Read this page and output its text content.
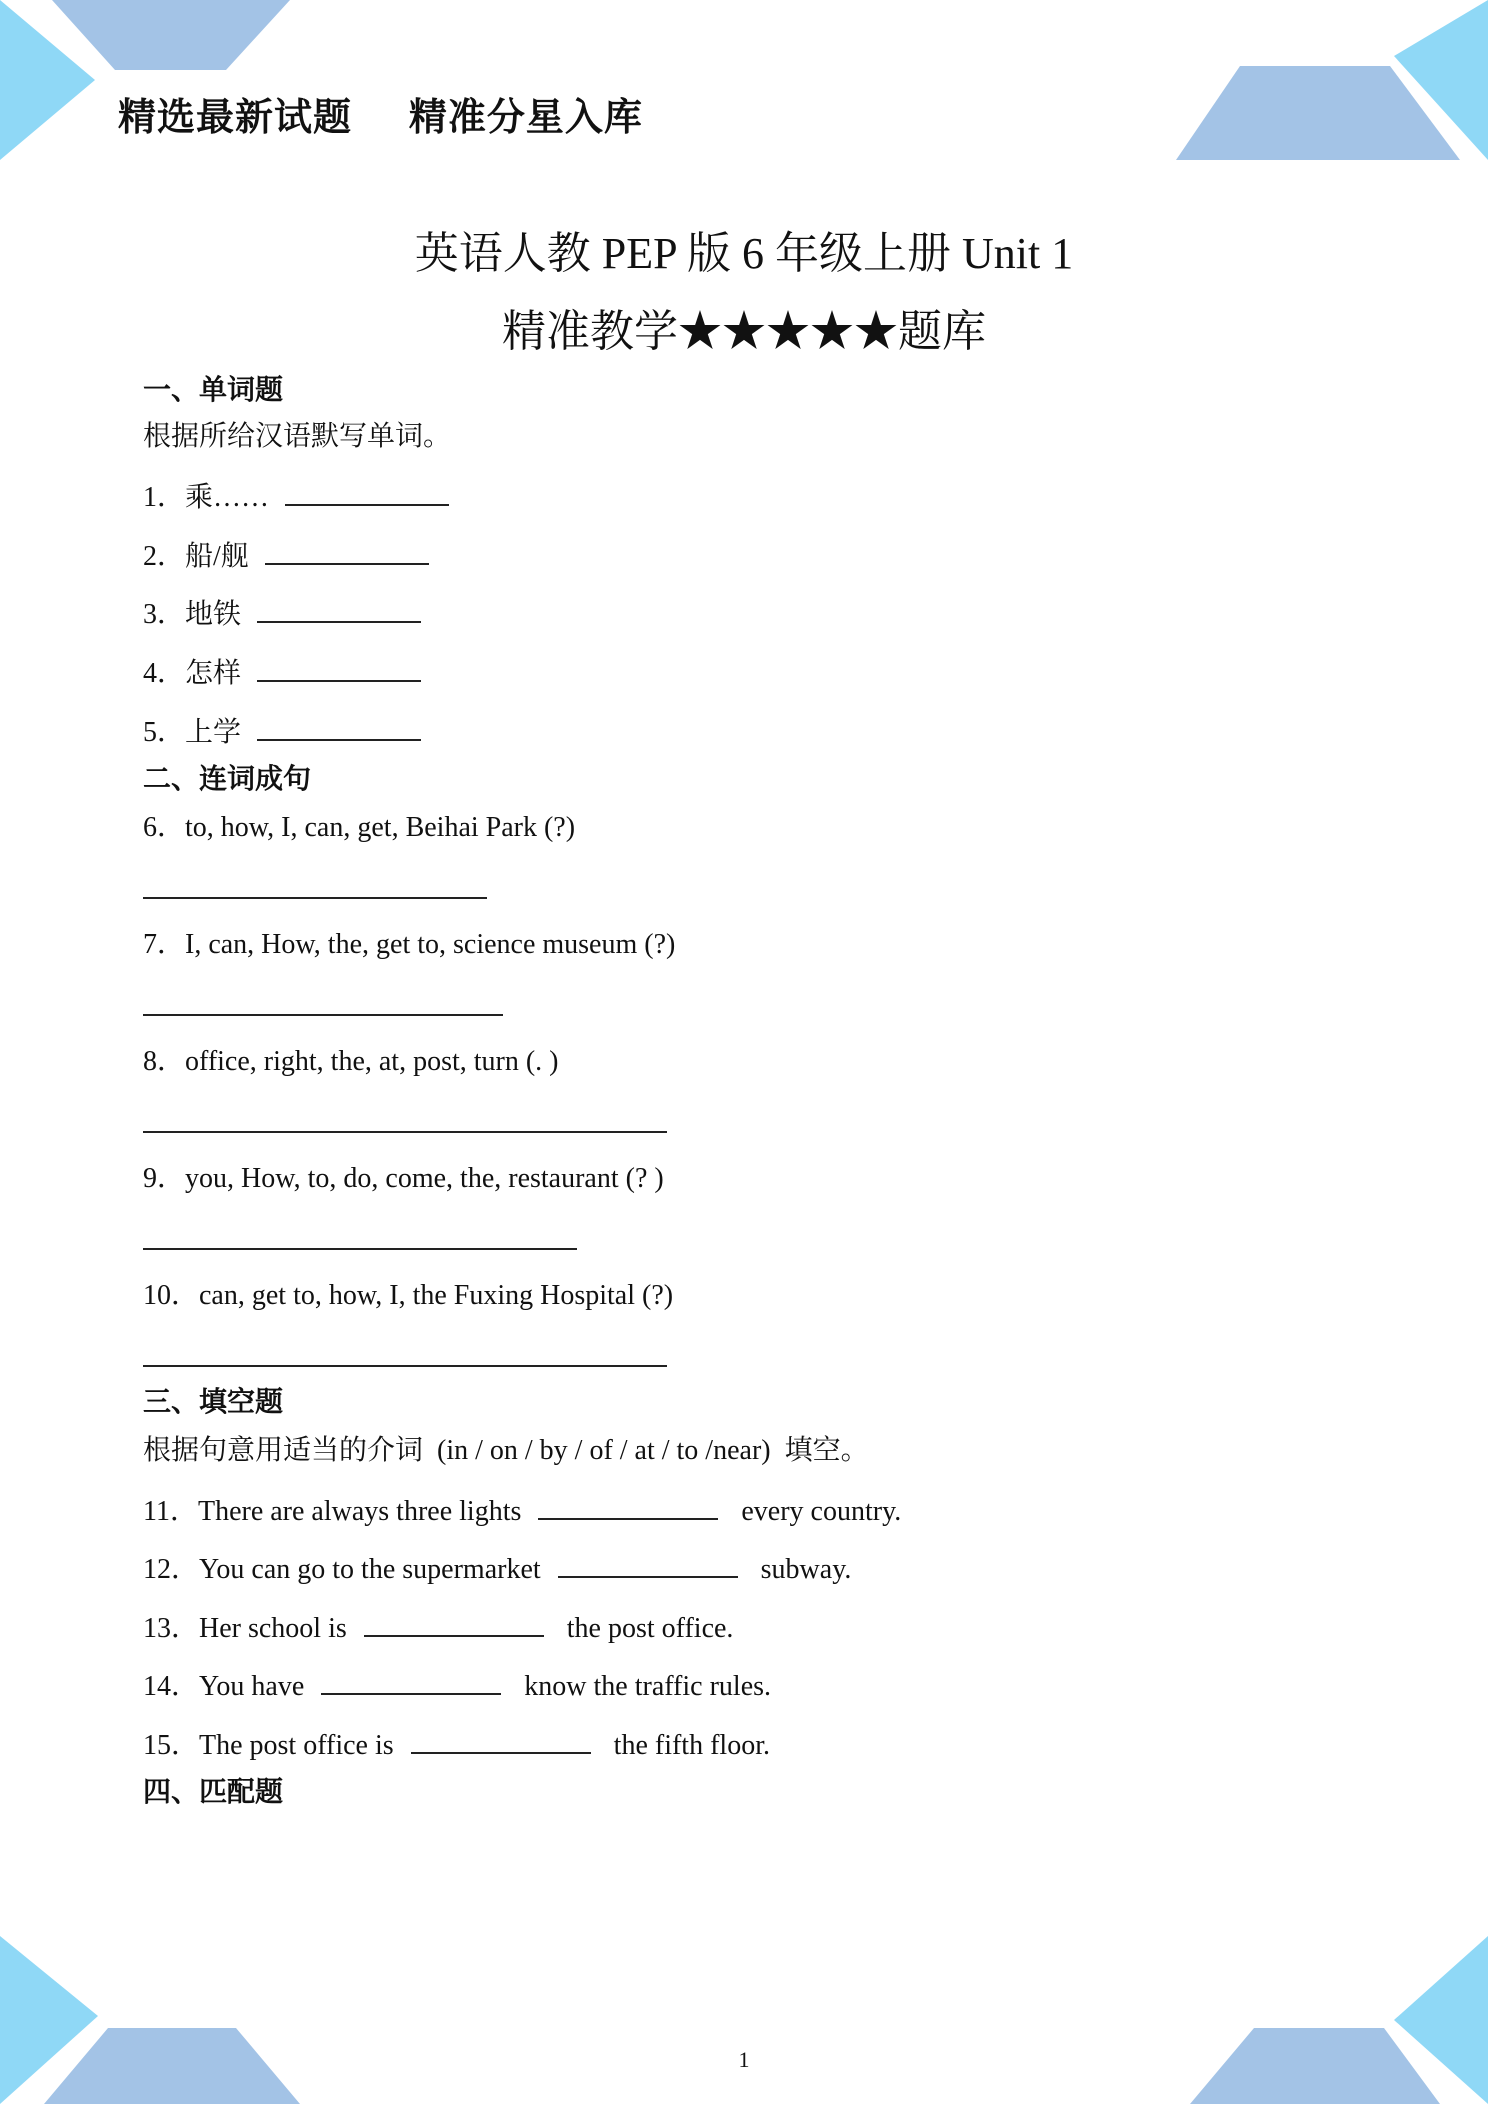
精选最新试题    精准分星入库
英语人教 PEP 版 6 年级上册 Unit 1
精准教学★★★★★题库
一、单词题
根据所给汉语默写单词。
1．乘……
2．船/舰
3．地铁
4．怎样
5．上学
二、连词成句
6．to, how, I, can, get, Beihai Park (?)
7．I, can, How, the, get to, science museum (?)
8．office, right, the, at, post, turn (. )
9．you, How, to, do, come, the, restaurant (? )
10．can, get to, how, I, the Fuxing Hospital (?)
三、填空题
根据句意用适当的介词  (in / on / by / of / at / to /near)  填空。
11．There are always three lights	every country.
12．You can go to the supermarket	subway.
13．Her school is	the post office.
14．You have	know the traffic rules.
15．The post office is	the fifth floor.
四、匹配题
1
